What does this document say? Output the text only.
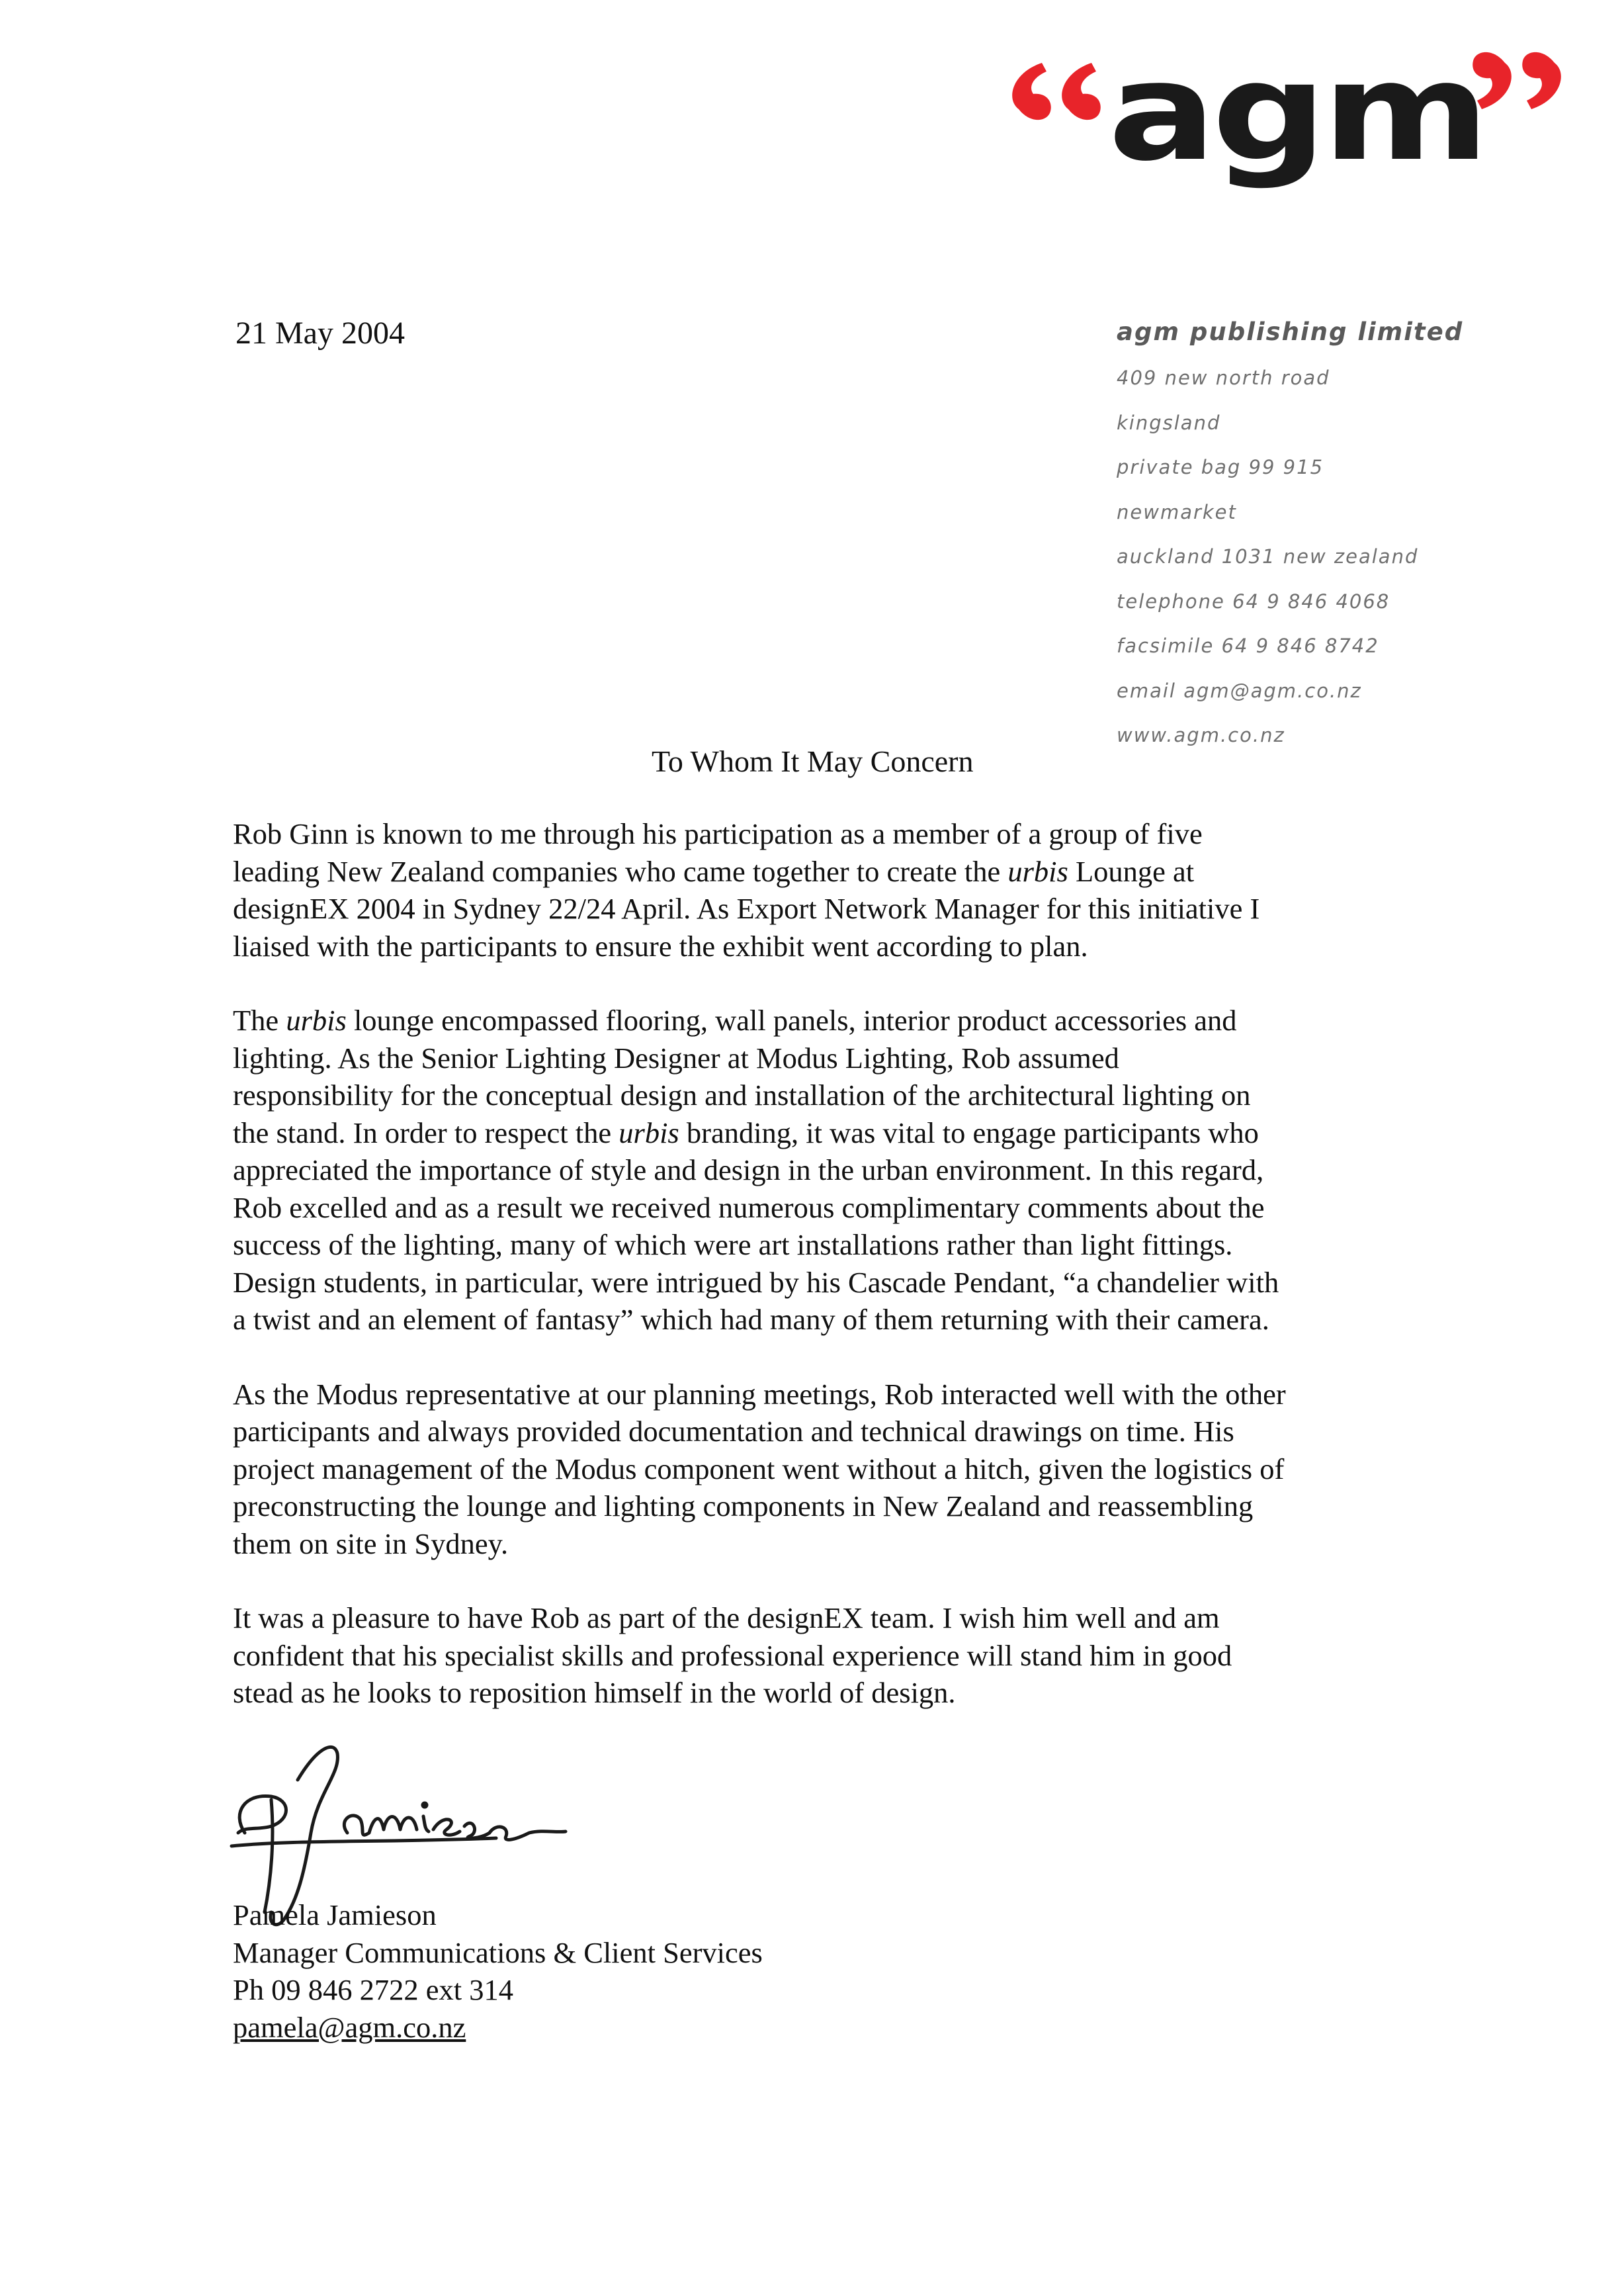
agm
21 May 2004	agm publishing limited
409 new north road
kingsland
private bag 99 915
newmarket
auckland 1031 new zealand
telephone 64 9 846 4068
facsimile 64 9 846 8742
email agm@agm.co.nz
www.agm.co.nz
To Whom It May Concern

Rob Ginn is known to me through his participation as a member of a group of five
leading New Zealand companies who came together to create the urbis Lounge at
designEX 2004 in Sydney 22/24 April. As Export Network Manager for this initiative I
liaised with the participants to ensure the exhibit went according to plan.

The urbis lounge encompassed flooring, wall panels, interior product accessories and
lighting. As the Senior Lighting Designer at Modus Lighting, Rob assumed
responsibility for the conceptual design and installation of the architectural lighting on
the stand. In order to respect the urbis branding, it was vital to engage participants who
appreciated the importance of style and design in the urban environment. In this regard,
Rob excelled and as a result we received numerous complimentary comments about the
success of the lighting, many of which were art installations rather than light fittings.
Design students, in particular, were intrigued by his Cascade Pendant, “a chandelier with
a twist and an element of fantasy” which had many of them returning with their camera.

As the Modus representative at our planning meetings, Rob interacted well with the other
participants and always provided documentation and technical drawings on time. His
project management of the Modus component went without a hitch, given the logistics of
preconstructing the lounge and lighting components in New Zealand and reassembling
them on site in Sydney.

It was a pleasure to have Rob as part of the designEX team. I wish him well and am
confident that his specialist skills and professional experience will stand him in good
stead as he looks to reposition himself in the world of design.

Pamela Jamieson
Manager Communications & Client Services
Ph 09 846 2722 ext 314
pamela@agm.co.nz
